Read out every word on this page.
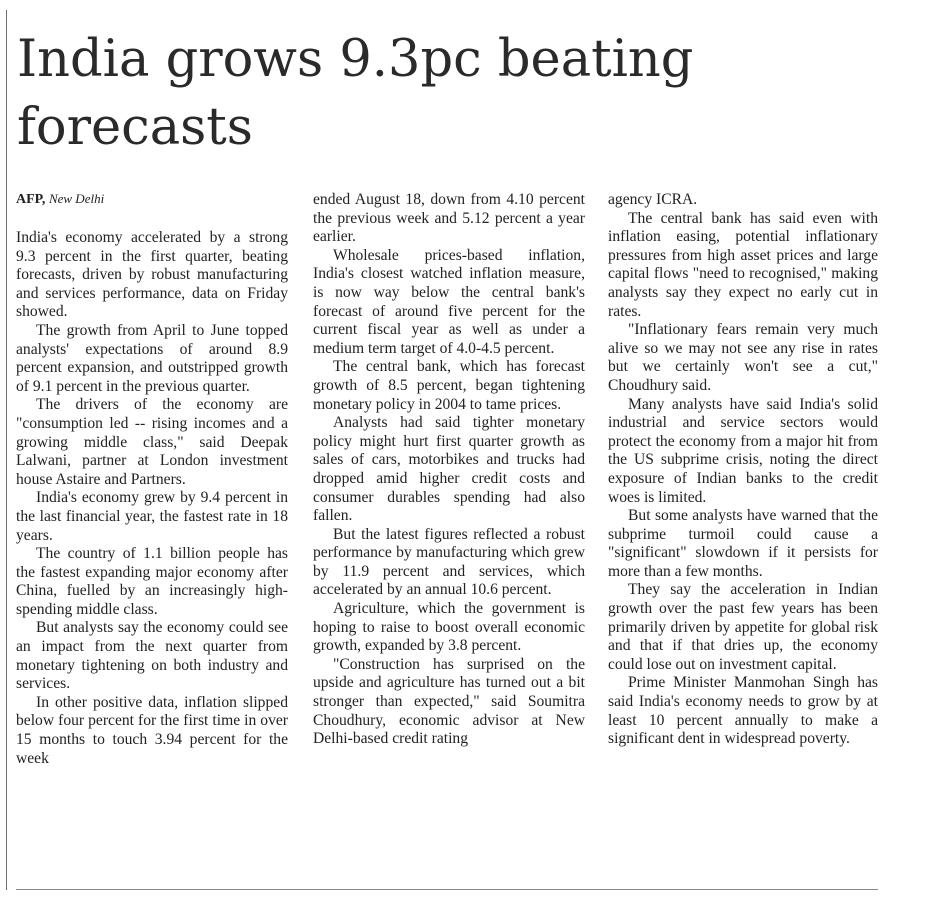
India grows 9.3pc beating
forecasts
AFP, New Delhi

India's economy accelerated by a strong 9.3 percent in the first quarter, beating forecasts, driven by robust manufacturing and services performance, data on Friday showed.

The growth from April to June topped analysts' expectations of around 8.9 percent expansion, and outstripped growth of 9.1 percent in the previous quarter.

The drivers of the economy are "consumption led -- rising incomes and a growing middle class," said Deepak Lalwani, partner at London investment house Astaire and Partners.

India's economy grew by 9.4 percent in the last financial year, the fastest rate in 18 years.

The country of 1.1 billion people has the fastest expanding major economy after China, fuelled by an increasingly high-spending middle class.

But analysts say the economy could see an impact from the next quarter from monetary tightening on both industry and services.

In other positive data, inflation slipped below four percent for the first time in over 15 months to touch 3.94 percent for the week

ended August 18, down from 4.10 percent the previous week and 5.12 percent a year earlier.

Wholesale prices-based inflation, India's closest watched inflation measure, is now way below the central bank's forecast of around five percent for the current fiscal year as well as under a medium term target of 4.0-4.5 percent.

The central bank, which has forecast growth of 8.5 percent, began tightening monetary policy in 2004 to tame prices.

Analysts had said tighter monetary policy might hurt first quarter growth as sales of cars, motorbikes and trucks had dropped amid higher credit costs and consumer durables spending had also fallen.

But the latest figures reflected a robust performance by manufacturing which grew by 11.9 percent and services, which accelerated by an annual 10.6 percent.

Agriculture, which the government is hoping to raise to boost overall economic growth, expanded by 3.8 percent.

"Construction has surprised on the upside and agriculture has turned out a bit stronger than expected," said Soumitra Choudhury, economic advisor at New Delhi-based credit rating

agency ICRA.

The central bank has said even with inflation easing, potential inflationary pressures from high asset prices and large capital flows "need to recognised," making analysts say they expect no early cut in rates.

"Inflationary fears remain very much alive so we may not see any rise in rates but we certainly won't see a cut," Choudhury said.

Many analysts have said India's solid industrial and service sectors would protect the economy from a major hit from the US subprime crisis, noting the direct exposure of Indian banks to the credit woes is limited.

But some analysts have warned that the subprime turmoil could cause a "significant" slowdown if it persists for more than a few months.

They say the acceleration in Indian growth over the past few years has been primarily driven by appetite for global risk and that if that dries up, the economy could lose out on investment capital.

Prime Minister Manmohan Singh has said India's economy needs to grow by at least 10 percent annually to make a significant dent in widespread poverty.
